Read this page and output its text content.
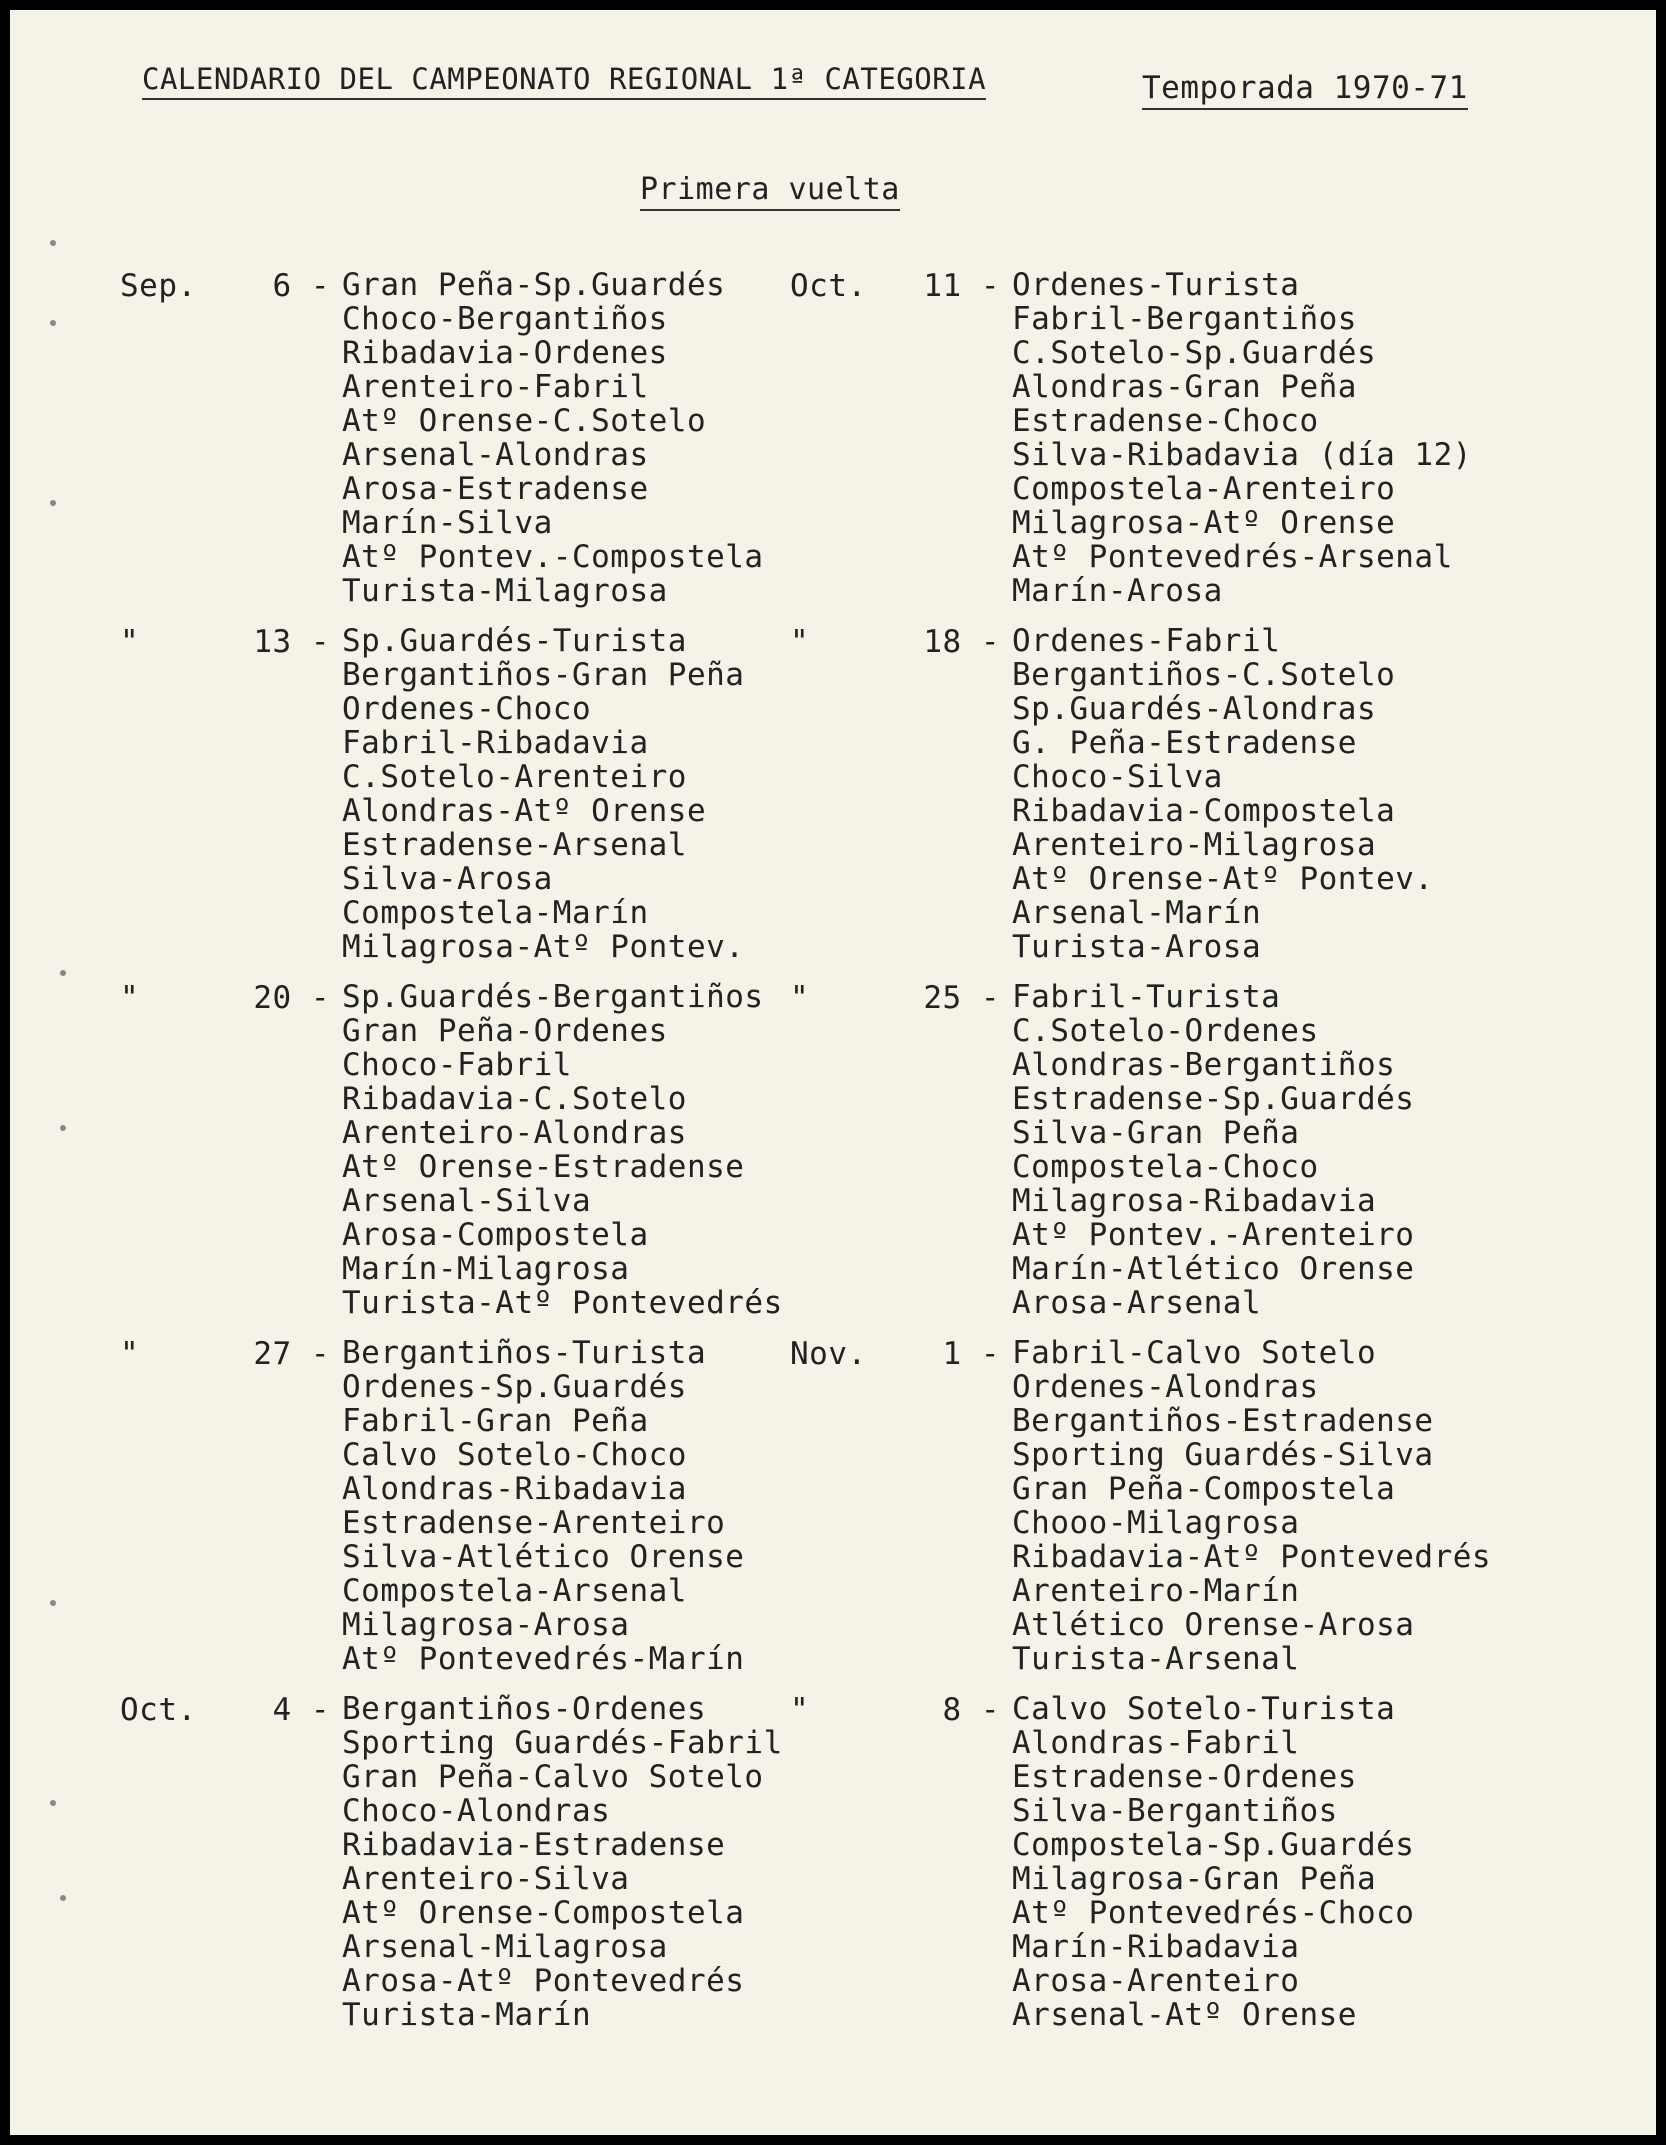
CALENDARIO DEL CAMPEONATO REGIONAL 1ª CATEGORIA	Temporada 1970-71
Primera vuelta
Sep.	6 - Gran Peña-Sp.Guardés
Choco-Bergantiños
Ribadavia-Ordenes
Arenteiro-Fabril
Atº Orense-C.Sotelo
Arsenal-Alondras
Arosa-Estradense
Marín-Silva
Atº Pontev.-Compostela
Turista-Milagrosa
"	13 - Sp.Guardés-Turista
Bergantiños-Gran Peña
Ordenes-Choco
Fabril-Ribadavia
C.Sotelo-Arenteiro
Alondras-Atº Orense
Estradense-Arsenal
Silva-Arosa
Compostela-Marín
Milagrosa-Atº Pontev.
"	20 - Sp.Guardés-Bergantiños
Gran Peña-Ordenes
Choco-Fabril
Ribadavia-C.Sotelo
Arenteiro-Alondras
Atº Orense-Estradense
Arsenal-Silva
Arosa-Compostela
Marín-Milagrosa
Turista-Atº Pontevedrés
"	27 - Bergantiños-Turista
Ordenes-Sp.Guardés
Fabril-Gran Peña
Calvo Sotelo-Choco
Alondras-Ribadavia
Estradense-Arenteiro
Silva-Atlético Orense
Compostela-Arsenal
Milagrosa-Arosa
Atº Pontevedrés-Marín
Oct.	4 - Bergantiños-Ordenes
Sporting Guardés-Fabril
Gran Peña-Calvo Sotelo
Choco-Alondras
Ribadavia-Estradense
Arenteiro-Silva
Atº Orense-Compostela
Arsenal-Milagrosa
Arosa-Atº Pontevedrés
Turista-Marín
Oct.	11 - Ordenes-Turista
Fabril-Bergantiños
C.Sotelo-Sp.Guardés
Alondras-Gran Peña
Estradense-Choco
Silva-Ribadavia (día 12)
Compostela-Arenteiro
Milagrosa-Atº Orense
Atº Pontevedrés-Arsenal
Marín-Arosa
"	18 - Ordenes-Fabril
Bergantiños-C.Sotelo
Sp.Guardés-Alondras
G. Peña-Estradense
Choco-Silva
Ribadavia-Compostela
Arenteiro-Milagrosa
Atº Orense-Atº Pontev.
Arsenal-Marín
Turista-Arosa
"	25 - Fabril-Turista
C.Sotelo-Ordenes
Alondras-Bergantiños
Estradense-Sp.Guardés
Silva-Gran Peña
Compostela-Choco
Milagrosa-Ribadavia
Atº Pontev.-Arenteiro
Marín-Atlético Orense
Arosa-Arsenal
Nov.	1 - Fabril-Calvo Sotelo
Ordenes-Alondras
Bergantiños-Estradense
Sporting Guardés-Silva
Gran Peña-Compostela
Chooo-Milagrosa
Ribadavia-Atº Pontevedrés
Arenteiro-Marín
Atlético Orense-Arosa
Turista-Arsenal
"	8 - Calvo Sotelo-Turista
Alondras-Fabril
Estradense-Ordenes
Silva-Bergantiños
Compostela-Sp.Guardés
Milagrosa-Gran Peña
Atº Pontevedrés-Choco
Marín-Ribadavia
Arosa-Arenteiro
Arsenal-Atº Orense
